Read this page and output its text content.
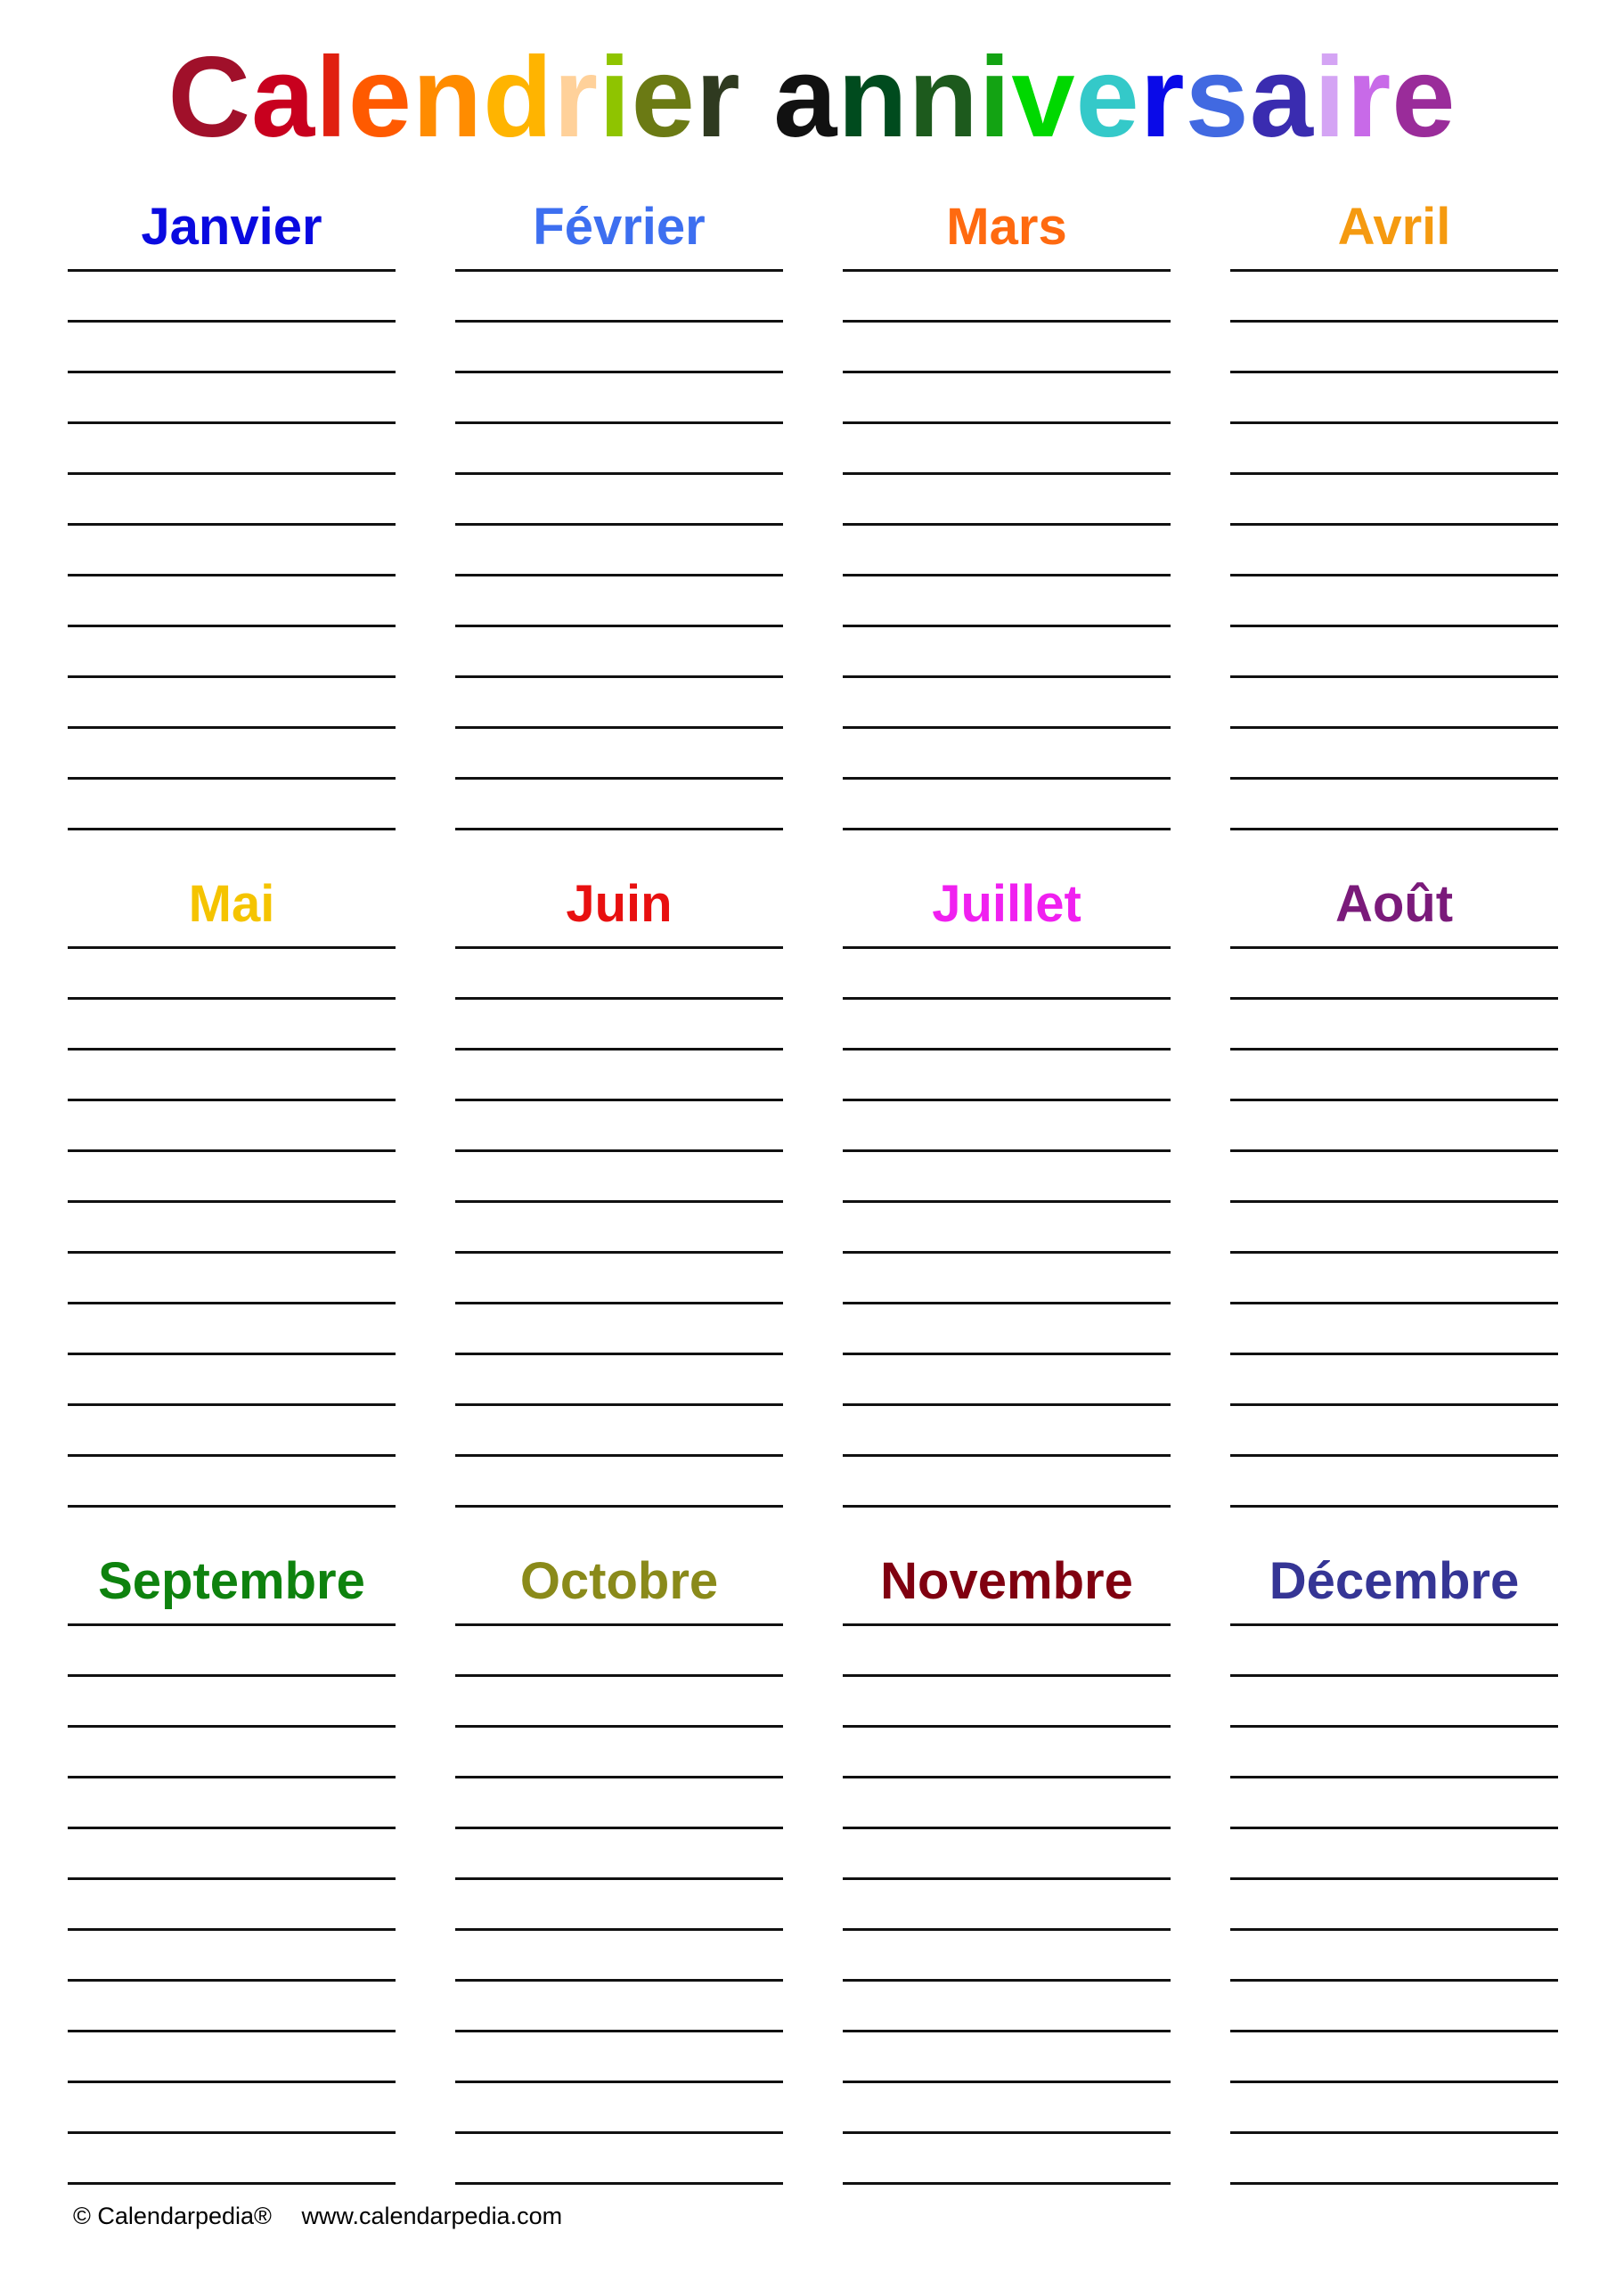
Calendrier anniversaire
Janvier	Février	Mars	Avril
Mai	Juin	Juillet	Août
Septembre	Octobre	Novembre	Décembre
© Calendarpedia® www.calendarpedia.com
